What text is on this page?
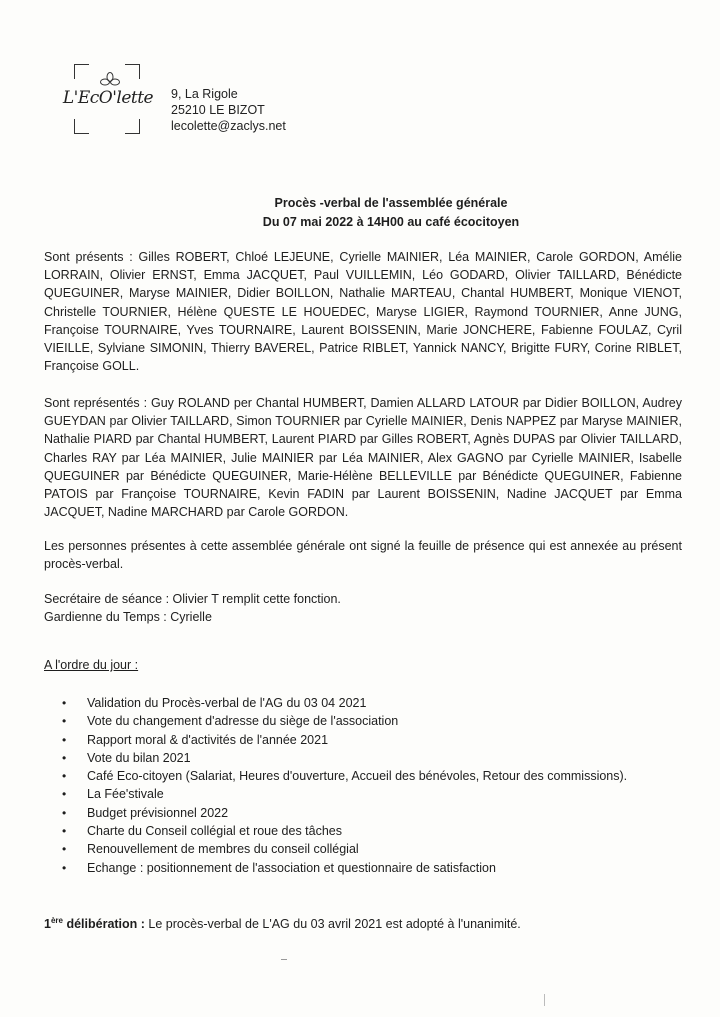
L'EcO'lette 9, La Rigole
25210 LE BIZOT
lecolette@zaclys.net
Procès -verbal de l'assemblée générale
Du 07 mai 2022 à 14H00 au café écocitoyen
Sont présents : Gilles ROBERT, Chloé LEJEUNE, Cyrielle MAINIER, Léa MAINIER, Carole GORDON, Amélie LORRAIN, Olivier ERNST, Emma JACQUET, Paul VUILLEMIN, Léo GODARD, Olivier TAILLARD, Bénédicte QUEGUINER, Maryse MAINIER, Didier BOILLON, Nathalie MARTEAU, Chantal HUMBERT, Monique VIENOT, Christelle TOURNIER, Hélène QUESTE LE HOUEDEC, Maryse LIGIER, Raymond TOURNIER, Anne JUNG, Françoise TOURNAIRE, Yves TOURNAIRE, Laurent BOISSENIN, Marie JONCHERE, Fabienne FOULAZ, Cyril VIEILLE, Sylviane SIMONIN, Thierry BAVEREL, Patrice RIBLET, Yannick NANCY, Brigitte FURY, Corine RIBLET, Françoise GOLL.
Sont représentés : Guy ROLAND per Chantal HUMBERT, Damien ALLARD LATOUR par Didier BOILLON, Audrey GUEYDAN par Olivier TAILLARD, Simon TOURNIER par Cyrielle MAINIER, Denis NAPPEZ par Maryse MAINIER, Nathalie PIARD par Chantal HUMBERT, Laurent PIARD par Gilles ROBERT, Agnès DUPAS par Olivier TAILLARD, Charles RAY par Léa MAINIER, Julie MAINIER par Léa MAINIER, Alex GAGNO par Cyrielle MAINIER, Isabelle QUEGUINER par Bénédicte QUEGUINER, Marie-Hélène BELLEVILLE par Bénédicte QUEGUINER, Fabienne PATOIS par Françoise TOURNAIRE, Kevin FADIN par Laurent BOISSENIN, Nadine JACQUET par Emma JACQUET, Nadine MARCHARD par Carole GORDON.
Les personnes présentes à cette assemblée générale ont signé la feuille de présence qui est annexée au présent procès-verbal.
Secrétaire de séance : Olivier T remplit cette fonction.
Gardienne du Temps : Cyrielle
A l'ordre du jour :
• Validation du Procès-verbal de l'AG du 03 04 2021
• Vote du changement d'adresse du siège de l'association
• Rapport moral & d'activités de l'année 2021
• Vote du bilan 2021
• Café Eco-citoyen (Salariat, Heures d'ouverture, Accueil des bénévoles, Retour des commissions).
• La Fée'stivale
• Budget prévisionnel 2022
• Charte du Conseil collégial et roue des tâches
• Renouvellement de membres du conseil collégial
• Echange : positionnement de l'association et questionnaire de satisfaction
1ère délibération : Le procès-verbal de L'AG du 03 avril 2021 est adopté à l'unanimité.
